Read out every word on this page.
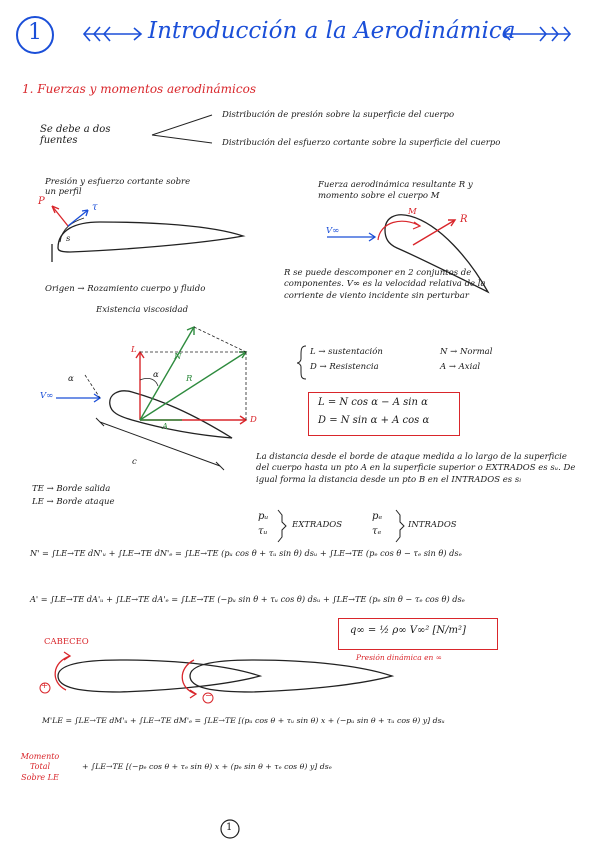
1	Introducción a la Aerodinámica
1. Fuerzas y momentos aerodinámicos
Se debe a dos fuentes
Distribución de presión sobre la superficie del cuerpo
Distribución del esfuerzo cortante sobre la superficie del cuerpo
Presión y esfuerzo cortante sobre un perfil
P
τ
s
Origen → Rozamiento cuerpo y fluido
Existencia viscosidad
Fuerza aerodinámica resultante R y momento sobre el cuerpo M
V∞
M
R
R se puede descomponer en 2 conjuntos de componentes. V∞ es la velocidad relativa de la corriente de viento incidente sin perturbar
L
N
R
A
D
α
α
V∞
c
TE → Borde salida
LE → Borde ataque
L → sustentación
D → Resistencia
N → Normal
A → Axial
L = N cos α − A sin α
D = N sin α + A cos α
La distancia desde el borde de ataque medida a lo largo de la superficie del cuerpo hasta un pto A en la superficie superior o EXTRADOS es sᵤ. De igual forma la distancia desde un pto B en el INTRADOS es sₗ
pᵤ
τᵤ
EXTRADOS
pₑ
τₑ
INTRADOS
N' = ∫LE→TE dN'ᵤ + ∫LE→TE dN'ₑ = ∫LE→TE (pᵤ cos θ + τᵤ sin θ) dsᵤ + ∫LE→TE (pₑ cos θ − τₑ sin θ) dsₑ
A' = ∫LE→TE dA'ᵤ + ∫LE→TE dA'ₑ = ∫LE→TE (−pᵤ sin θ + τᵤ cos θ) dsᵤ + ∫LE→TE (pₑ sin θ − τₑ cos θ) dsₑ
q∞ = ½ ρ∞ V∞² [N/m²]
Presión dinámica en ∞
CABECEO
+
−
M'LE = ∫LE→TE dM'ᵤ + ∫LE→TE dM'ₑ = ∫LE→TE [(pᵤ cos θ + τᵤ sin θ) x + (−pᵤ sin θ + τᵤ cos θ) y] dsᵤ
+ ∫LE→TE [(−pₑ cos θ + τₑ sin θ) x + (pₑ sin θ + τₑ cos θ) y] dsₑ
Momento Total Sobre LE
1
